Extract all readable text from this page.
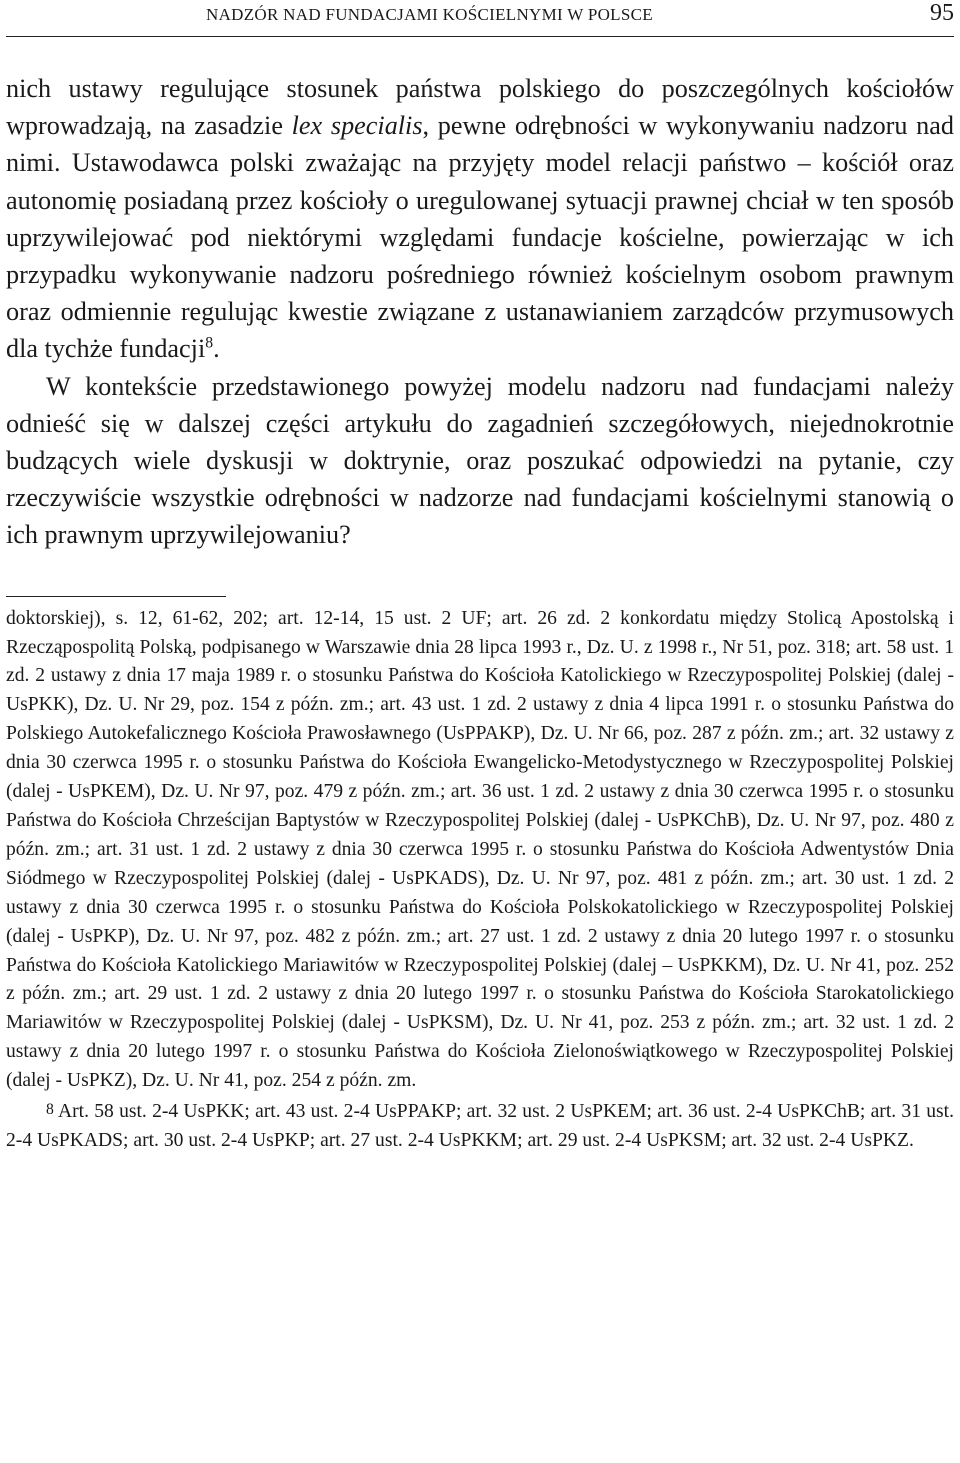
NADZÓR NAD FUNDACJAMI KOŚCIELNYMI W POLSCE	95

nich ustawy regulujące stosunek państwa polskiego do poszczególnych kościołów wprowadzają, na zasadzie lex specialis, pewne odrębności w wykonywaniu nadzoru nad nimi. Ustawodawca polski zważając na przyjęty model relacji państwo – kościół oraz autonomię posiadaną przez kościoły o uregulowanej sytuacji prawnej chciał w ten sposób uprzywilejować pod niektórymi względami fundacje kościelne, powierzając w ich przypadku wykonywanie nadzoru pośredniego również kościelnym osobom prawnym oraz odmiennie regulując kwestie związane z ustanawianiem zarządców przymusowych dla tychże fundacji$^8$.

W kontekście przedstawionego powyżej modelu nadzoru nad fundacjami należy odnieść się w dalszej części artykułu do zagadnień szczegółowych, niejednokrotnie budzących wiele dyskusji w doktrynie, oraz poszukać odpowiedzi na pytanie, czy rzeczywiście wszystkie odrębności w nadzorze nad fundacjami kościelnymi stanowią o ich prawnym uprzywilejowaniu?

doktorskiej), s. 12, 61-62, 202; art. 12-14, 15 ust. 2 UF; art. 26 zd. 2 konkordatu między Stolicą Apostolską i Rzecząpospolitą Polską, podpisanego w Warszawie dnia 28 lipca 1993 r., Dz. U. z 1998 r., Nr 51, poz. 318; art. 58 ust. 1 zd. 2 ustawy z dnia 17 maja 1989 r. o stosunku Państwa do Kościoła Katolickiego w Rzeczypospolitej Polskiej (dalej - UsPKK), Dz. U. Nr 29, poz. 154 z późn. zm.; art. 43 ust. 1 zd. 2 ustawy z dnia 4 lipca 1991 r. o stosunku Państwa do Polskiego Autokefalicznego Kościoła Prawosławnego (UsPPAKP), Dz. U. Nr 66, poz. 287 z późn. zm.; art. 32 ustawy z dnia 30 czerwca 1995 r. o stosunku Państwa do Kościoła Ewangelicko-Metodystycznego w Rzeczypospolitej Polskiej (dalej - UsPKEM), Dz. U. Nr 97, poz. 479 z późn. zm.; art. 36 ust. 1 zd. 2 ustawy z dnia 30 czerwca 1995 r. o stosunku Państwa do Kościoła Chrześcijan Baptystów w Rzeczypospolitej Polskiej (dalej - UsPKChB), Dz. U. Nr 97, poz. 480 z późn. zm.; art. 31 ust. 1 zd. 2 ustawy z dnia 30 czerwca 1995 r. o stosunku Państwa do Kościoła Adwentystów Dnia Siódmego w Rzeczypospolitej Polskiej (dalej - UsPKADS), Dz. U. Nr 97, poz. 481 z późn. zm.; art. 30 ust. 1 zd. 2 ustawy z dnia 30 czerwca 1995 r. o stosunku Państwa do Kościoła Polskokatolickiego w Rzeczypospolitej Polskiej (dalej - UsPKP), Dz. U. Nr 97, poz. 482 z późn. zm.; art. 27 ust. 1 zd. 2 ustawy z dnia 20 lutego 1997 r. o stosunku Państwa do Kościoła Katolickiego Mariawitów w Rzeczypospolitej Polskiej (dalej – UsPKKM), Dz. U. Nr 41, poz. 252 z późn. zm.; art. 29 ust. 1 zd. 2 ustawy z dnia 20 lutego 1997 r. o stosunku Państwa do Kościoła Starokatolickiego Mariawitów w Rzeczypospolitej Polskiej (dalej - UsPKSM), Dz. U. Nr 41, poz. 253 z późn. zm.; art. 32 ust. 1 zd. 2 ustawy z dnia 20 lutego 1997 r. o stosunku Państwa do Kościoła Zielonoświątkowego w Rzeczypospolitej Polskiej (dalej - UsPKZ), Dz. U. Nr 41, poz. 254 z późn. zm.

8 Art. 58 ust. 2-4 UsPKK; art. 43 ust. 2-4 UsPPAKP; art. 32 ust. 2 UsPKEM; art. 36 ust. 2-4 UsPKChB; art. 31 ust. 2-4 UsPKADS; art. 30 ust. 2-4 UsPKP; art. 27 ust. 2-4 UsPKKM; art. 29 ust. 2-4 UsPKSM; art. 32 ust. 2-4 UsPKZ.
